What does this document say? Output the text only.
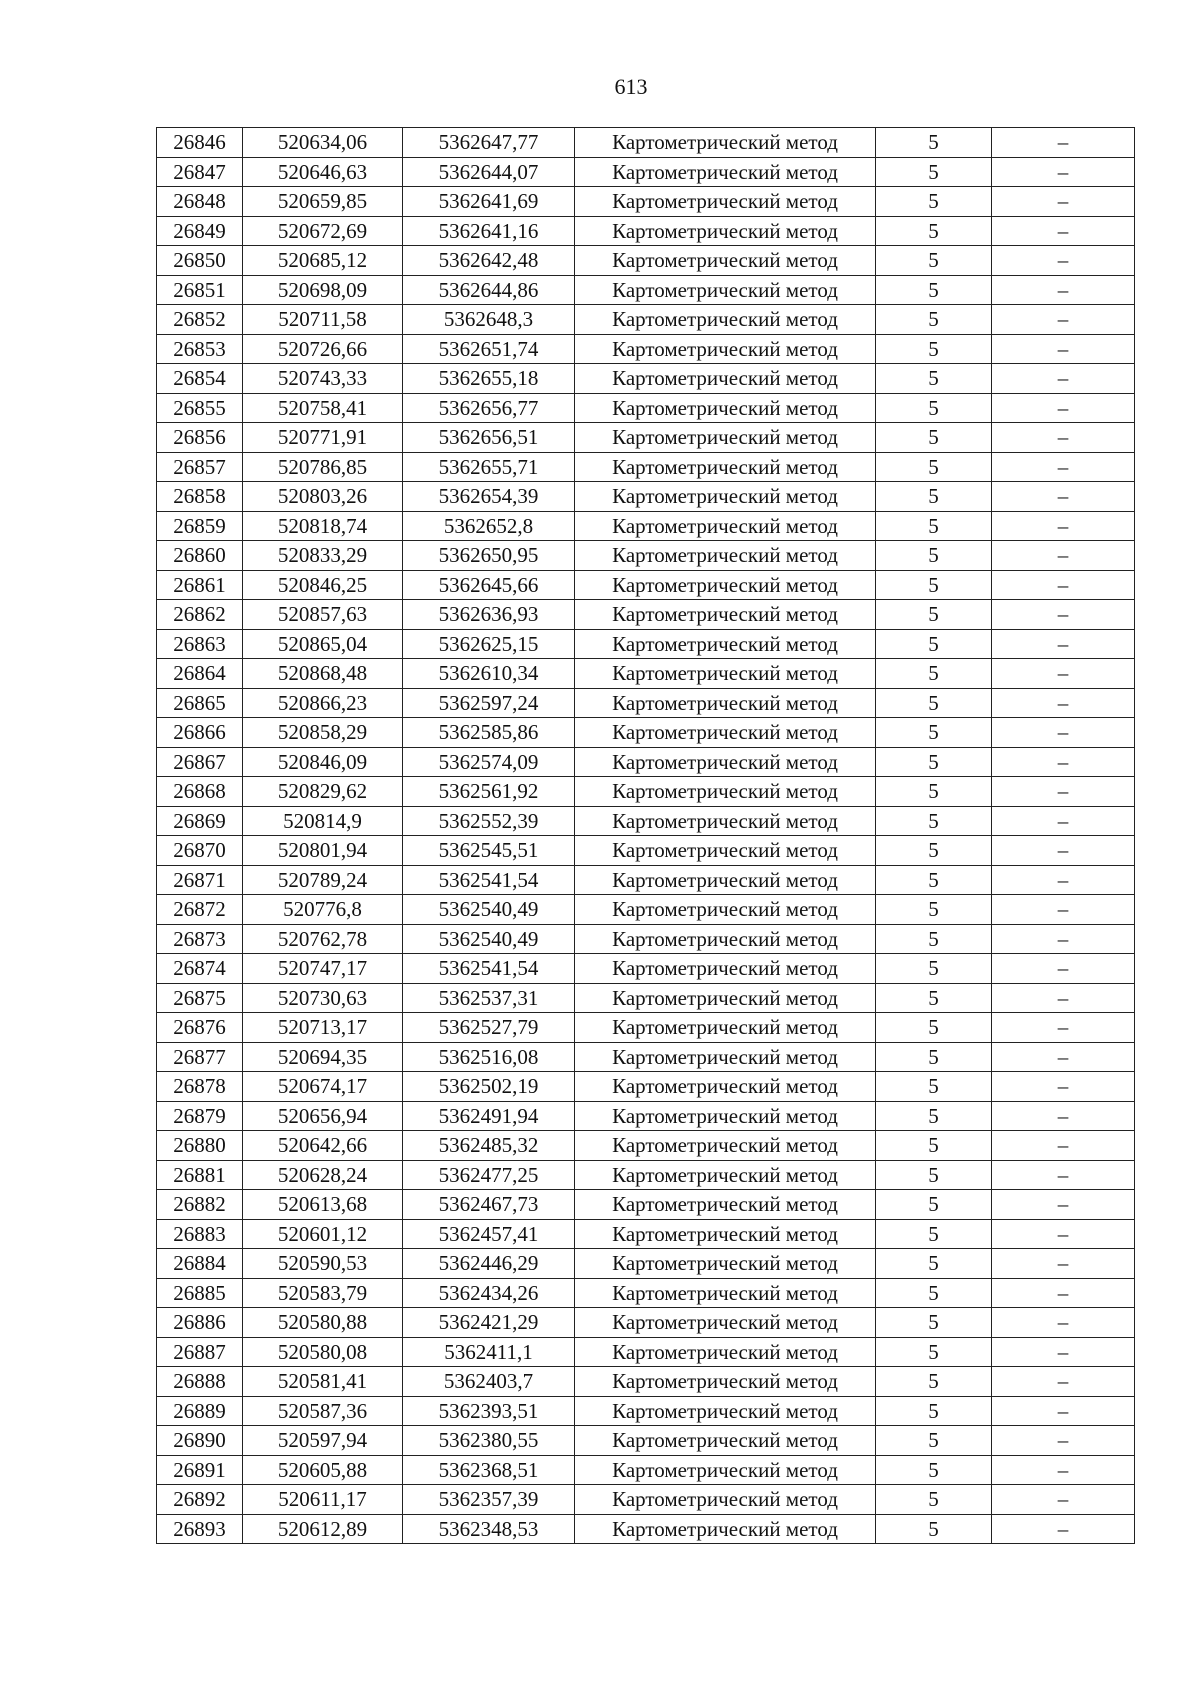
613
26846	520634,06	5362647,77	Картометрический метод	5	–
26847	520646,63	5362644,07	Картометрический метод	5	–
26848	520659,85	5362641,69	Картометрический метод	5	–
26849	520672,69	5362641,16	Картометрический метод	5	–
26850	520685,12	5362642,48	Картометрический метод	5	–
26851	520698,09	5362644,86	Картометрический метод	5	–
26852	520711,58	5362648,3	Картометрический метод	5	–
26853	520726,66	5362651,74	Картометрический метод	5	–
26854	520743,33	5362655,18	Картометрический метод	5	–
26855	520758,41	5362656,77	Картометрический метод	5	–
26856	520771,91	5362656,51	Картометрический метод	5	–
26857	520786,85	5362655,71	Картометрический метод	5	–
26858	520803,26	5362654,39	Картометрический метод	5	–
26859	520818,74	5362652,8	Картометрический метод	5	–
26860	520833,29	5362650,95	Картометрический метод	5	–
26861	520846,25	5362645,66	Картометрический метод	5	–
26862	520857,63	5362636,93	Картометрический метод	5	–
26863	520865,04	5362625,15	Картометрический метод	5	–
26864	520868,48	5362610,34	Картометрический метод	5	–
26865	520866,23	5362597,24	Картометрический метод	5	–
26866	520858,29	5362585,86	Картометрический метод	5	–
26867	520846,09	5362574,09	Картометрический метод	5	–
26868	520829,62	5362561,92	Картометрический метод	5	–
26869	520814,9	5362552,39	Картометрический метод	5	–
26870	520801,94	5362545,51	Картометрический метод	5	–
26871	520789,24	5362541,54	Картометрический метод	5	–
26872	520776,8	5362540,49	Картометрический метод	5	–
26873	520762,78	5362540,49	Картометрический метод	5	–
26874	520747,17	5362541,54	Картометрический метод	5	–
26875	520730,63	5362537,31	Картометрический метод	5	–
26876	520713,17	5362527,79	Картометрический метод	5	–
26877	520694,35	5362516,08	Картометрический метод	5	–
26878	520674,17	5362502,19	Картометрический метод	5	–
26879	520656,94	5362491,94	Картометрический метод	5	–
26880	520642,66	5362485,32	Картометрический метод	5	–
26881	520628,24	5362477,25	Картометрический метод	5	–
26882	520613,68	5362467,73	Картометрический метод	5	–
26883	520601,12	5362457,41	Картометрический метод	5	–
26884	520590,53	5362446,29	Картометрический метод	5	–
26885	520583,79	5362434,26	Картометрический метод	5	–
26886	520580,88	5362421,29	Картометрический метод	5	–
26887	520580,08	5362411,1	Картометрический метод	5	–
26888	520581,41	5362403,7	Картометрический метод	5	–
26889	520587,36	5362393,51	Картометрический метод	5	–
26890	520597,94	5362380,55	Картометрический метод	5	–
26891	520605,88	5362368,51	Картометрический метод	5	–
26892	520611,17	5362357,39	Картометрический метод	5	–
26893	520612,89	5362348,53	Картометрический метод	5	–
